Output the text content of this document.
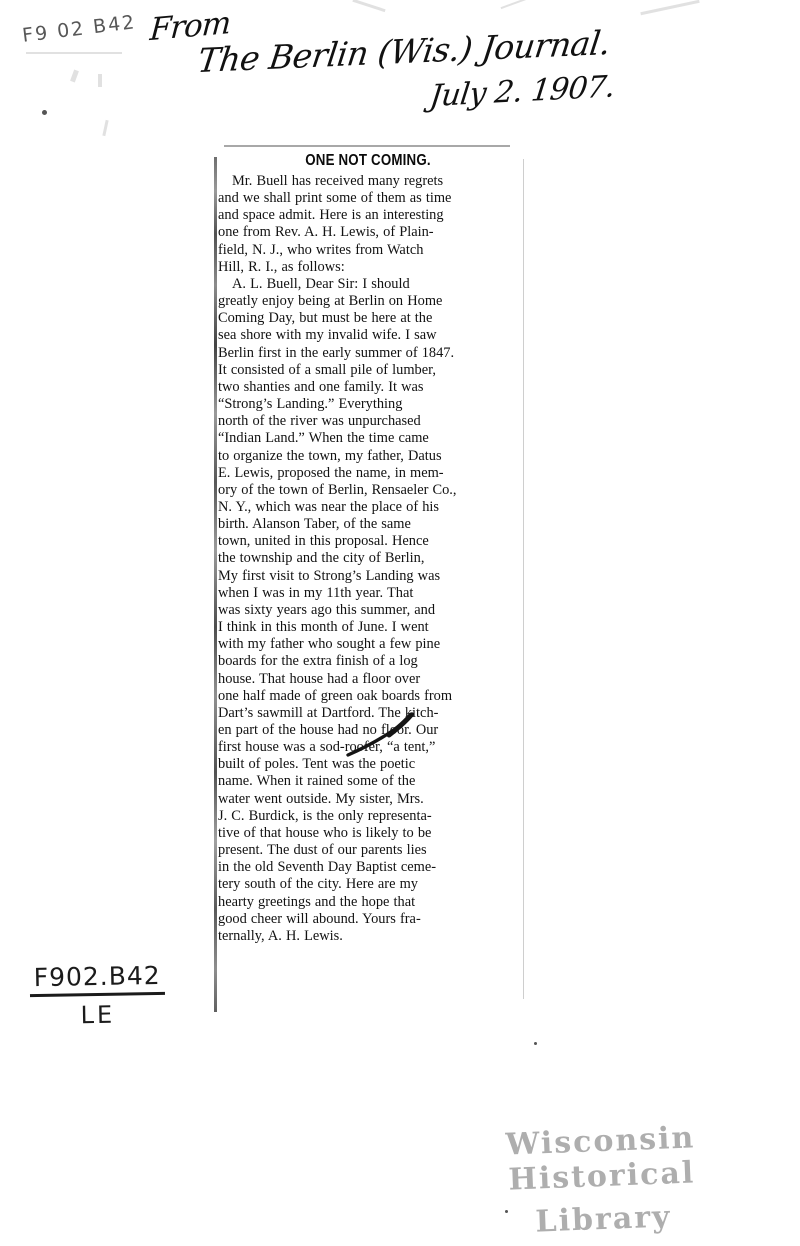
F9 02 B42 From
The Berlin (Wis.) Journal.
July 2. 1907.
F902.B42
LE
Wisconsin Historical
Library
ONE NOT COMING.
Mr. Buell has received many regrets
and we shall print some of them as time
and space admit. Here is an interesting
one from Rev. A. H. Lewis, of Plain-
field, N. J., who writes from Watch
Hill, R. I., as follows:
A. L. Buell, Dear Sir: I should
greatly enjoy being at Berlin on Home
Coming Day, but must be here at the
sea shore with my invalid wife. I saw
Berlin first in the early summer of 1847.
It consisted of a small pile of lumber,
two shanties and one family. It was
“Strong’s Landing.” Everything
north of the river was unpurchased
“Indian Land.” When the time came
to organize the town, my father, Datus
E. Lewis, proposed the name, in mem-
ory of the town of Berlin, Rensaeler Co.,
N. Y., which was near the place of his
birth. Alanson Taber, of the same
town, united in this proposal. Hence
the township and the city of Berlin,
My first visit to Strong’s Landing was
when I was in my 11th year. That
was sixty years ago this summer, and
I think in this month of June. I went
with my father who sought a few pine
boards for the extra finish of a log
house. That house had a floor over
one half made of green oak boards from
Dart’s sawmill at Dartford. The kitch-
en part of the house had no floor. Our
first house was a sod-roofer, “a tent,”
built of poles. Tent was the poetic
name. When it rained some of the
water went outside. My sister, Mrs.
J. C. Burdick, is the only representa-
tive of that house who is likely to be
present. The dust of our parents lies
in the old Seventh Day Baptist ceme-
tery south of the city. Here are my
hearty greetings and the hope that
good cheer will abound. Yours fra-
ternally, A. H. Lewis.
